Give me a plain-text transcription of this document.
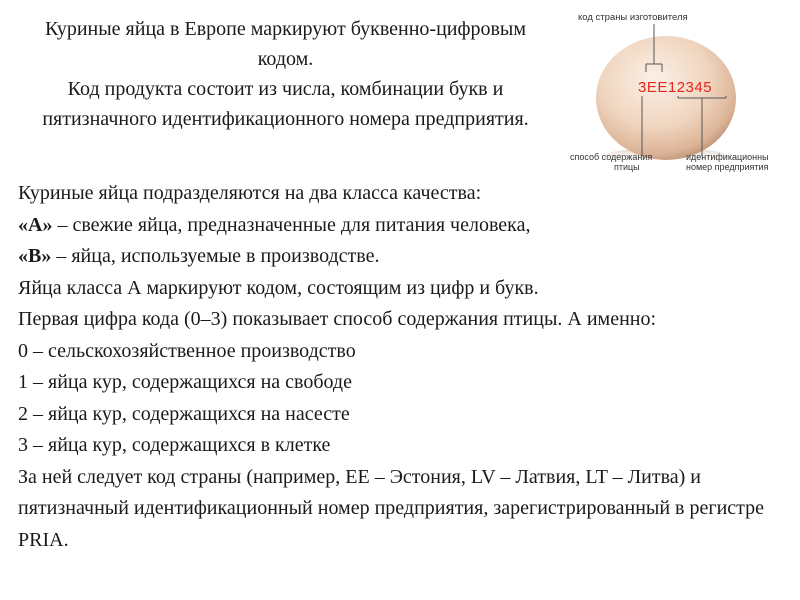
Куриные яйца в Европе маркируют буквенно-цифровым кодом.

Код продукта состоит из числа, комбинации букв и пятизначного идентификационного номера предприятия.

код страны изготовителя
3EE12345
способ содержания
птицы
идентификационны
номер предприятия

Куриные яйца подразделяются на два класса качества:

«А» – свежие яйца, предназначенные для питания человека,

«В» – яйца, используемые в производстве.

Яйца класса А маркируют кодом, состоящим из цифр и букв.

Первая цифра кода (0–3) показывает способ содержания птицы. А именно:

0 – сельскохозяйственное производство

1 – яйца кур, содержащихся на свободе

2 – яйца кур, содержащихся на насесте

3 – яйца кур, содержащихся в клетке

За ней следует код страны (например, EE – Эстония, LV – Латвия, LT – Литва) и пятизначный идентификационный номер предприятия, зарегистрированный в регистре PRIA.
